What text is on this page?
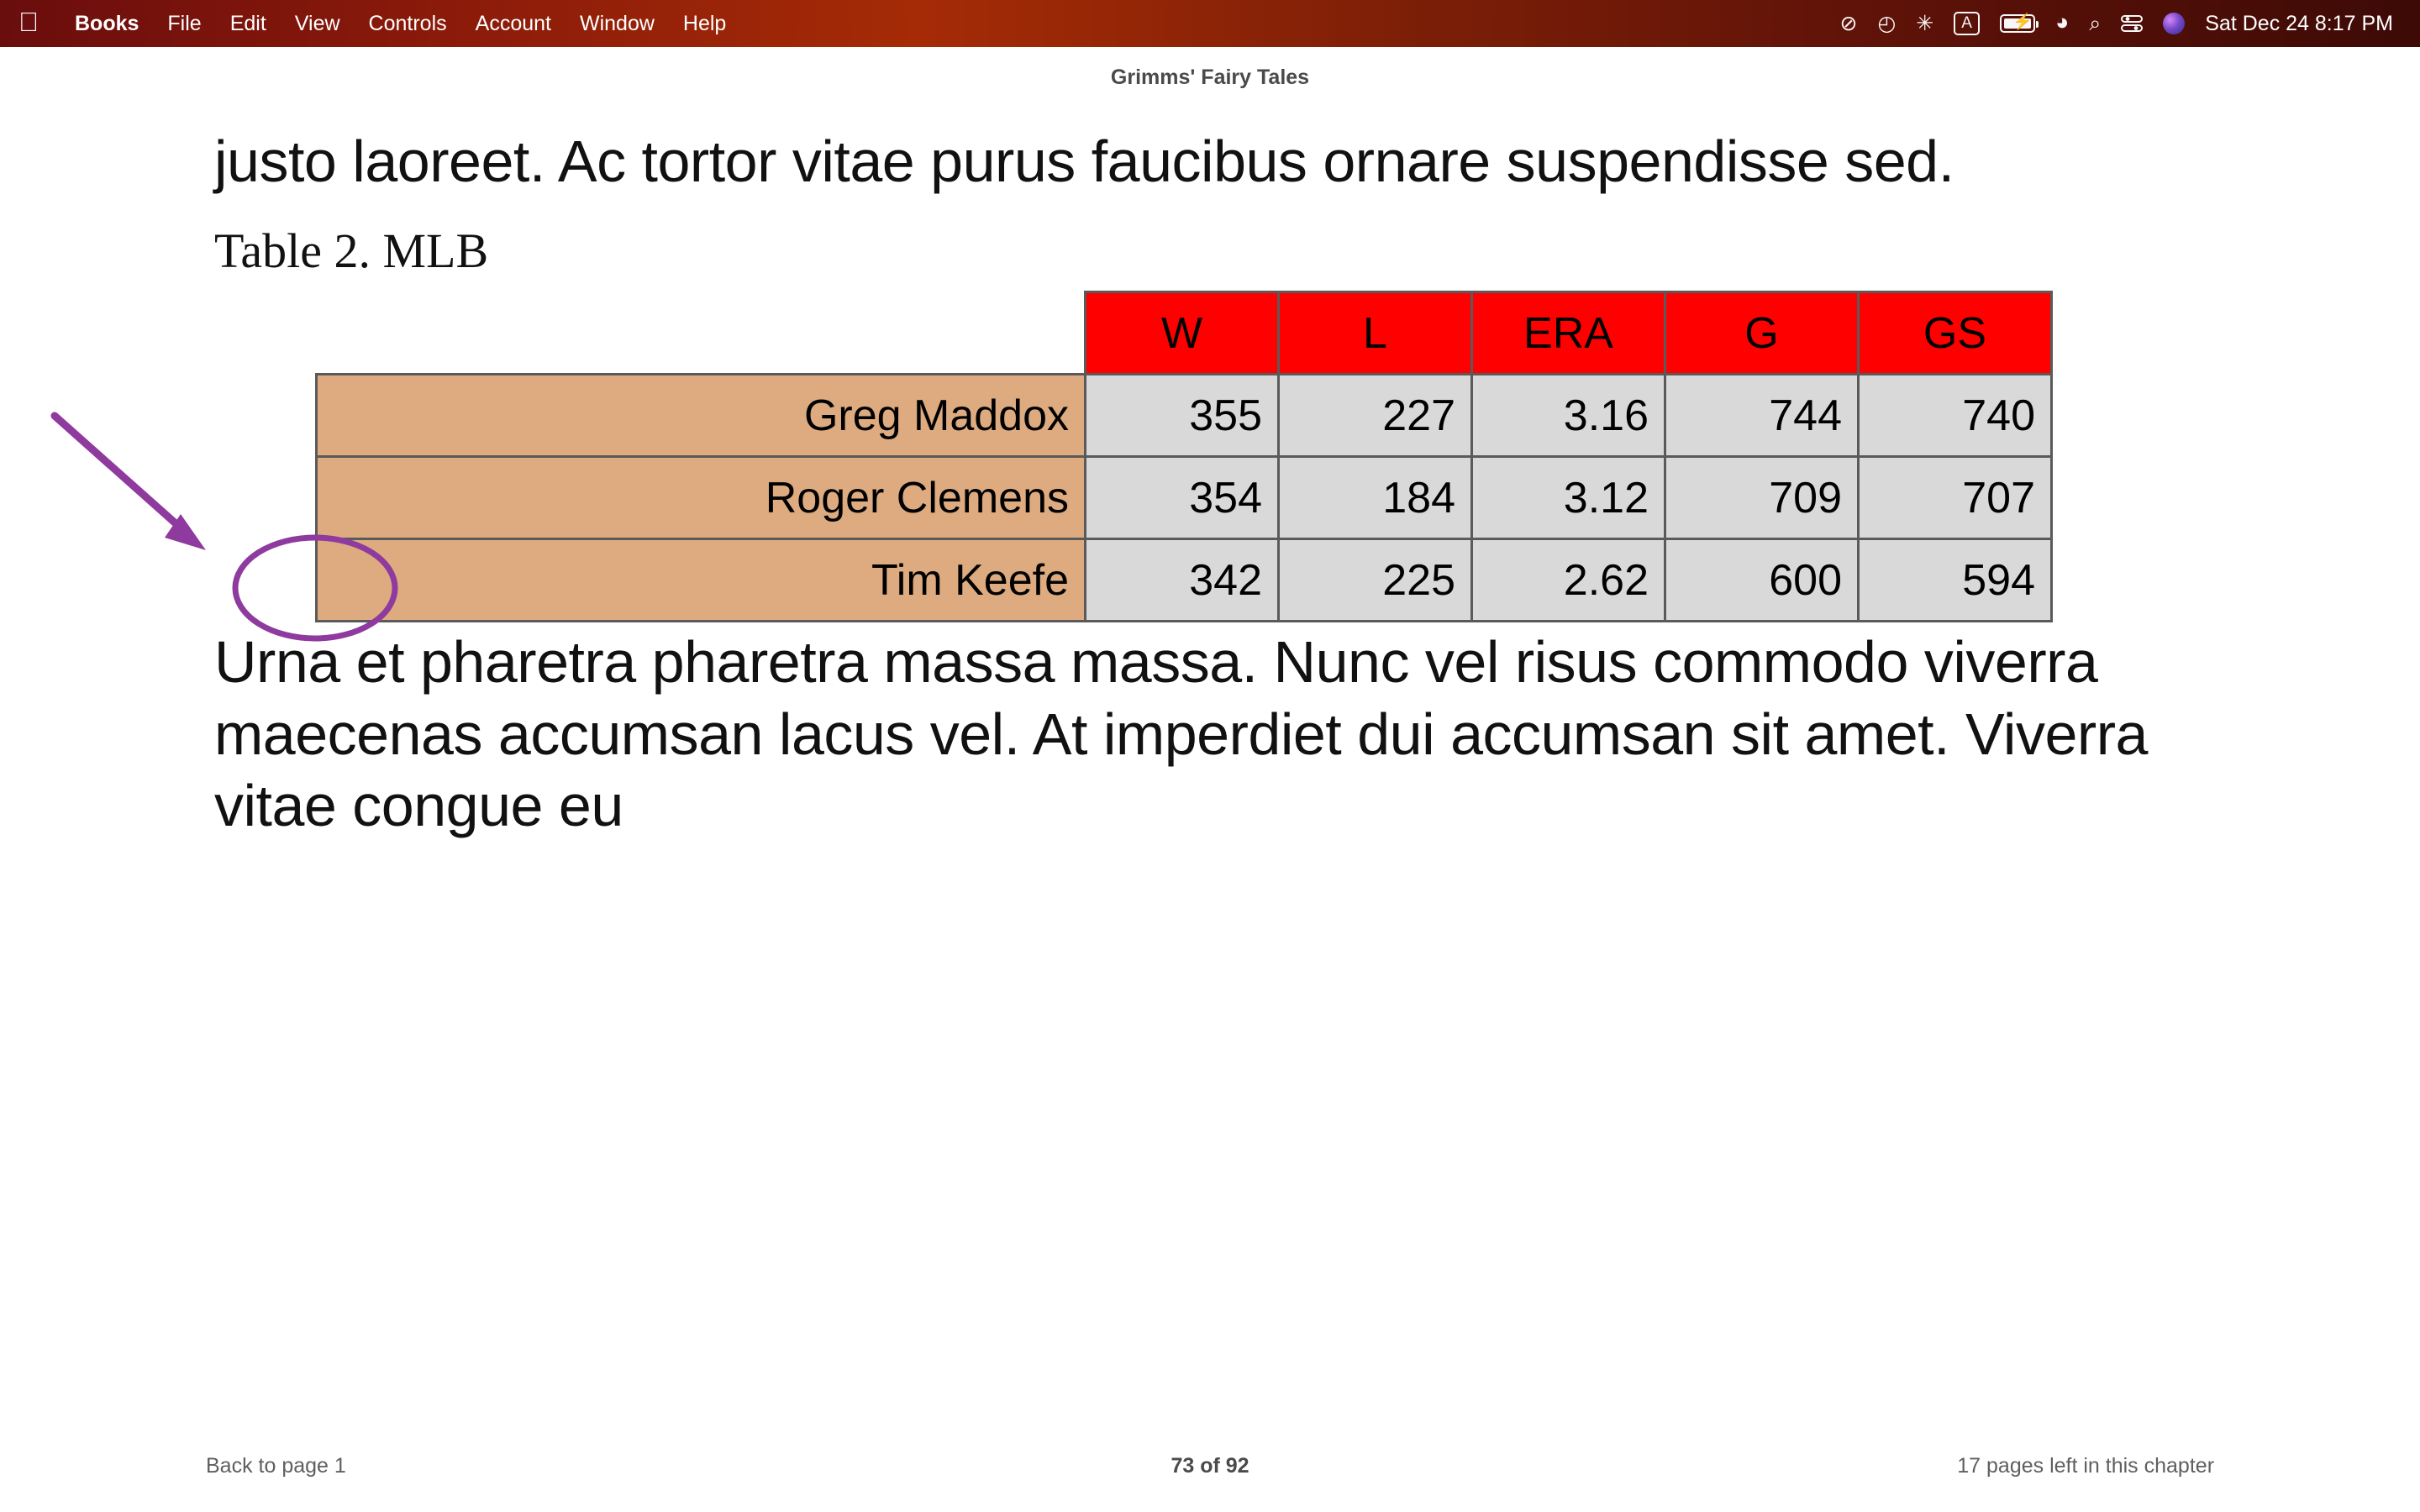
Books	File	Edit	View	Controls	Account	Window	Help	⊘ ◴ ✳	A	⚡ ◕ ⌕	Sat Dec 24 8:17 PM
Grimms' Fairy Tales

justo laoreet. Ac tortor vitae purus faucibus ornare suspendisse sed.

Table 2. MLB
	W	L	ERA	G	GS
Greg Maddox	355	227	3.16	744	740
Roger Clemens	354	184	3.12	709	707
Tim Keefe	342	225	2.62	600	594

Urna et pharetra pharetra massa massa. Nunc vel risus commodo viverra maecenas accumsan lacus vel. At imperdiet dui accumsan sit amet. Viverra vitae congue eu

Back to page 1	73 of 92	17 pages left in this chapter
